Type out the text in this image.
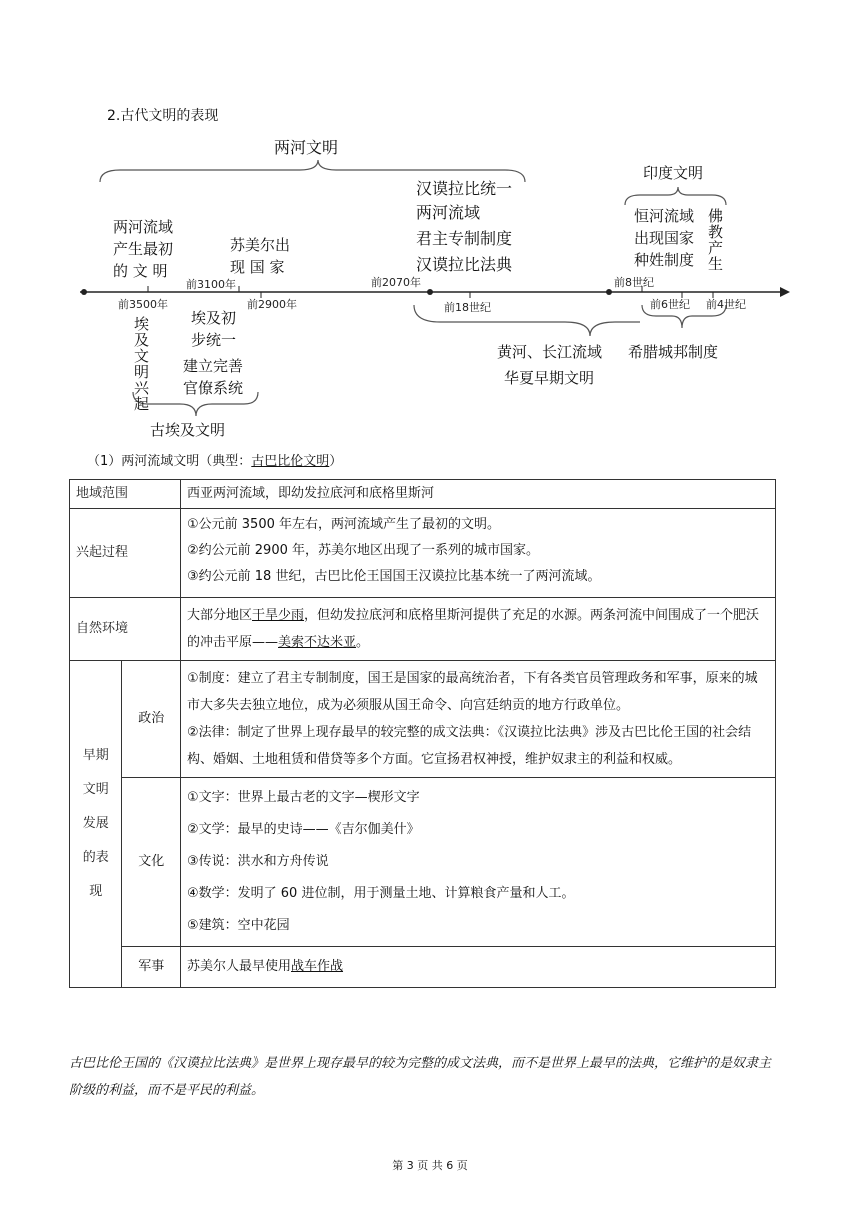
2.古代文明的表现
两河文明
印度文明
两河流域
产生最初
的 文 明
苏美尔出
现 国 家
汉谟拉比统一
两河流域
君主专制制度
汉谟拉比法典
恒河流域
出现国家
种姓制度 佛教产生
前3500年
前3100年
前2900年
前2070年
前18世纪
前8世纪
前6世纪 前4世纪
埃及文明兴起	埃及初
步统一
建立完善
官僚系统
古埃及文明
黄河、长江流域 希腊城邦制度
华夏早期文明
（1）两河流域文明（典型：古巴比伦文明）
地域范围		西亚两河流域，即幼发拉底河和底格里斯河
兴起过程		①公元前 3500 年左右，两河流域产生了最初的文明。
②约公元前 2900 年，苏美尔地区出现了一系列的城市国家。
③约公元前 18 世纪，古巴比伦王国国王汉谟拉比基本统一了两河流域。

自然环境		大部分地区干旱少雨，但幼发拉底河和底格里斯河提供了充足的水源。两条河流中间围成了一个肥沃的冲击平原——美索不达米亚。

早期文明发展的表现	政治	①制度：建立了君主专制制度，国王是国家的最高统治者，下有各类官员管理政务和军事，原来的城市大多失去独立地位，成为必须服从国王命令、向宫廷纳贡的地方行政单位。
②法律：制定了世界上现存最早的较完整的成文法典：《汉谟拉比法典》涉及古巴比伦王国的社会结构、婚姻、土地租赁和借贷等多个方面。它宣扬君权神授，维护奴隶主的利益和权威。

	文化	①文字：世界上最古老的文字—楔形文字
②文学：最早的史诗——《吉尔伽美什》
③传说：洪水和方舟传说
④数学：发明了 60 进位制，用于测量土地、计算粮食产量和人工。
⑤建筑：空中花园

	军事	苏美尔人最早使用战车作战
古巴比伦王国的《汉谟拉比法典》是世界上现存最早的较为完整的成文法典，而不是世界上最早的法典，它维护的是奴隶主阶级的利益，而不是平民的利益。
第 3 页 共 6 页
